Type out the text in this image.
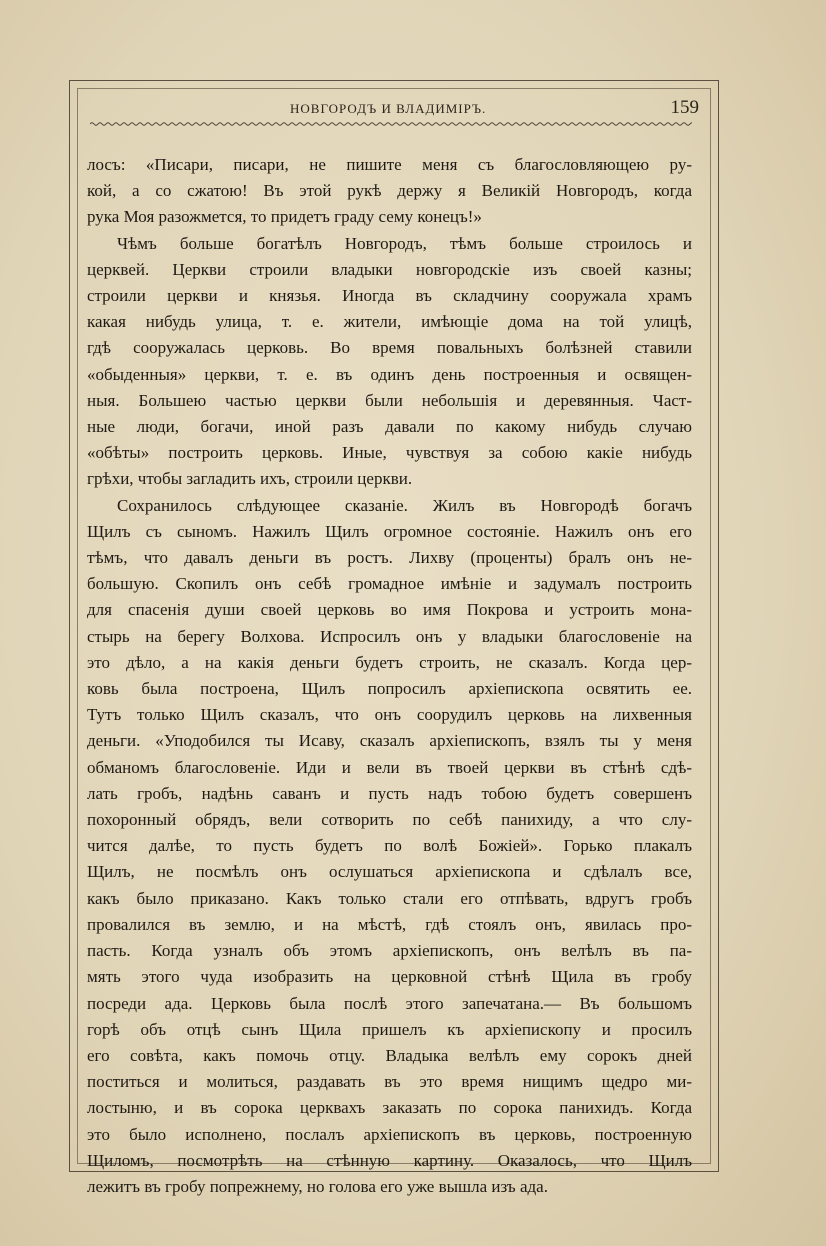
НОВГОРОДЪ И ВЛАДИМІРЪ.	159

лосъ: «Писари, писари, не пишите меня съ благословляющею ру-
кой, а со сжатою! Въ этой рукѣ держу я Великій Новгородъ, когда
рука Моя разожмется, то придетъ граду сему конецъ!»

Чѣмъ больше богатѣлъ Новгородъ, тѣмъ больше строилось и
церквей. Церкви строили владыки новгородскіе изъ своей казны;
строили церкви и князья. Иногда въ складчину сооружала храмъ
какая нибудь улица, т. е. жители, имѣющіе дома на той улицѣ,
гдѣ сооружалась церковь. Во время повальныхъ болѣзней ставили
«обыденныя» церкви, т. е. въ одинъ день построенныя и освящен-
ныя. Большею частью церкви были небольшія и деревянныя. Част-
ные люди, богачи, иной разъ давали по какому нибудь случаю
«обѣты» построить церковь. Иные, чувствуя за собою какіе нибудь
грѣхи, чтобы загладить ихъ, строили церкви.

Сохранилось слѣдующее сказаніе. Жилъ въ Новгородѣ богачъ
Щилъ съ сыномъ. Нажилъ Щилъ огромное состояніе. Нажилъ онъ его
тѣмъ, что давалъ деньги въ ростъ. Лихву (проценты) бралъ онъ не-
большую. Скопилъ онъ себѣ громадное имѣніе и задумалъ построить
для спасенія души своей церковь во имя Покрова и устроить мона-
стырь на берегу Волхова. Испросилъ онъ у владыки благословеніе на
это дѣло, а на какія деньги будетъ строить, не сказалъ. Когда цер-
ковь была построена, Щилъ попросилъ архіепископа освятить ее.
Тутъ только Щилъ сказалъ, что онъ соорудилъ церковь на лихвенныя
деньги. «Уподобился ты Исаву, сказалъ архіепископъ, взялъ ты у меня
обманомъ благословеніе. Иди и вели въ твоей церкви въ стѣнѣ сдѣ-
лать гробъ, надѣнь саванъ и пусть надъ тобою будетъ совершенъ
похоронный обрядъ, вели сотворить по себѣ панихиду, а что слу-
чится далѣе, то пусть будетъ по волѣ Божіей». Горько плакалъ
Щилъ, не посмѣлъ онъ ослушаться архіепископа и сдѣлалъ все,
какъ было приказано. Какъ только стали его отпѣвать, вдругъ гробъ
провалился въ землю, и на мѣстѣ, гдѣ стоялъ онъ, явилась про-
пасть. Когда узналъ объ этомъ архіепископъ, онъ велѣлъ въ па-
мять этого чуда изобразить на церковной стѣнѣ Щила въ гробу
посреди ада. Церковь была послѣ этого запечатана.— Въ большомъ
горѣ объ отцѣ сынъ Щила пришелъ къ архіепископу и просилъ
его совѣта, какъ помочь отцу. Владыка велѣлъ ему сорокъ дней
поститься и молиться, раздавать въ это время нищимъ щедро ми-
лостыню, и въ сорока церквахъ заказать по сорока панихидъ. Когда
это было исполнено, послалъ архіепископъ въ церковь, построенную
Щиломъ, посмотрѣть на стѣнную картину. Оказалось, что Щилъ
лежитъ въ гробу попрежнему, но голова его уже вышла изъ ада.
